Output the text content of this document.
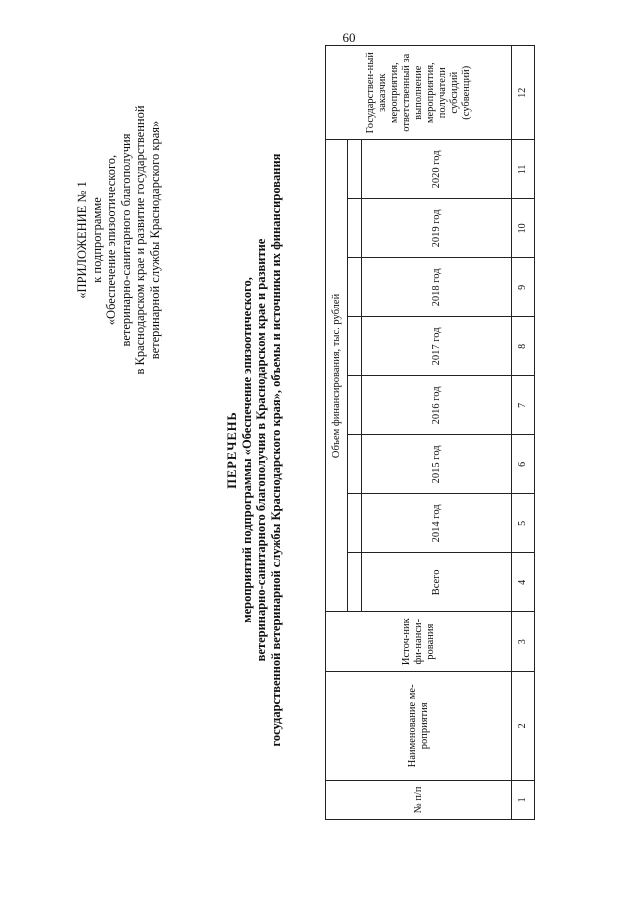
60
«ПРИЛОЖЕНИЕ № 1 к подпрограмме «Обеспечение эпизоотического, ветеринарно-санитарного благополучия в Краснодарском крае и развитие государственной ветеринарной службы Краснодарского края»
ПЕРЕЧЕНЬ мероприятий подпрограммы «Обеспечение эпизоотического, ветеринарно-санитарного благополучия в Краснодарском крае и развитие государственной ветеринарной службы Краснодарского края», объемы и источники их финансирования
№ п/п	Наименование ме-роприятия	Источ-ник фи-нанси-рования	Объем финансирования, тыс. рублей								Государствен-ный заказчик мероприятия, ответственный за выполнение мероприятия, получатели субсидий (субвенций)

			Всего	2014 год	2015 год	2016 год	2017 год	2018 год	2019 год	2020 год	
1	2	3	4	5	6	7	8	9	10	11	12
